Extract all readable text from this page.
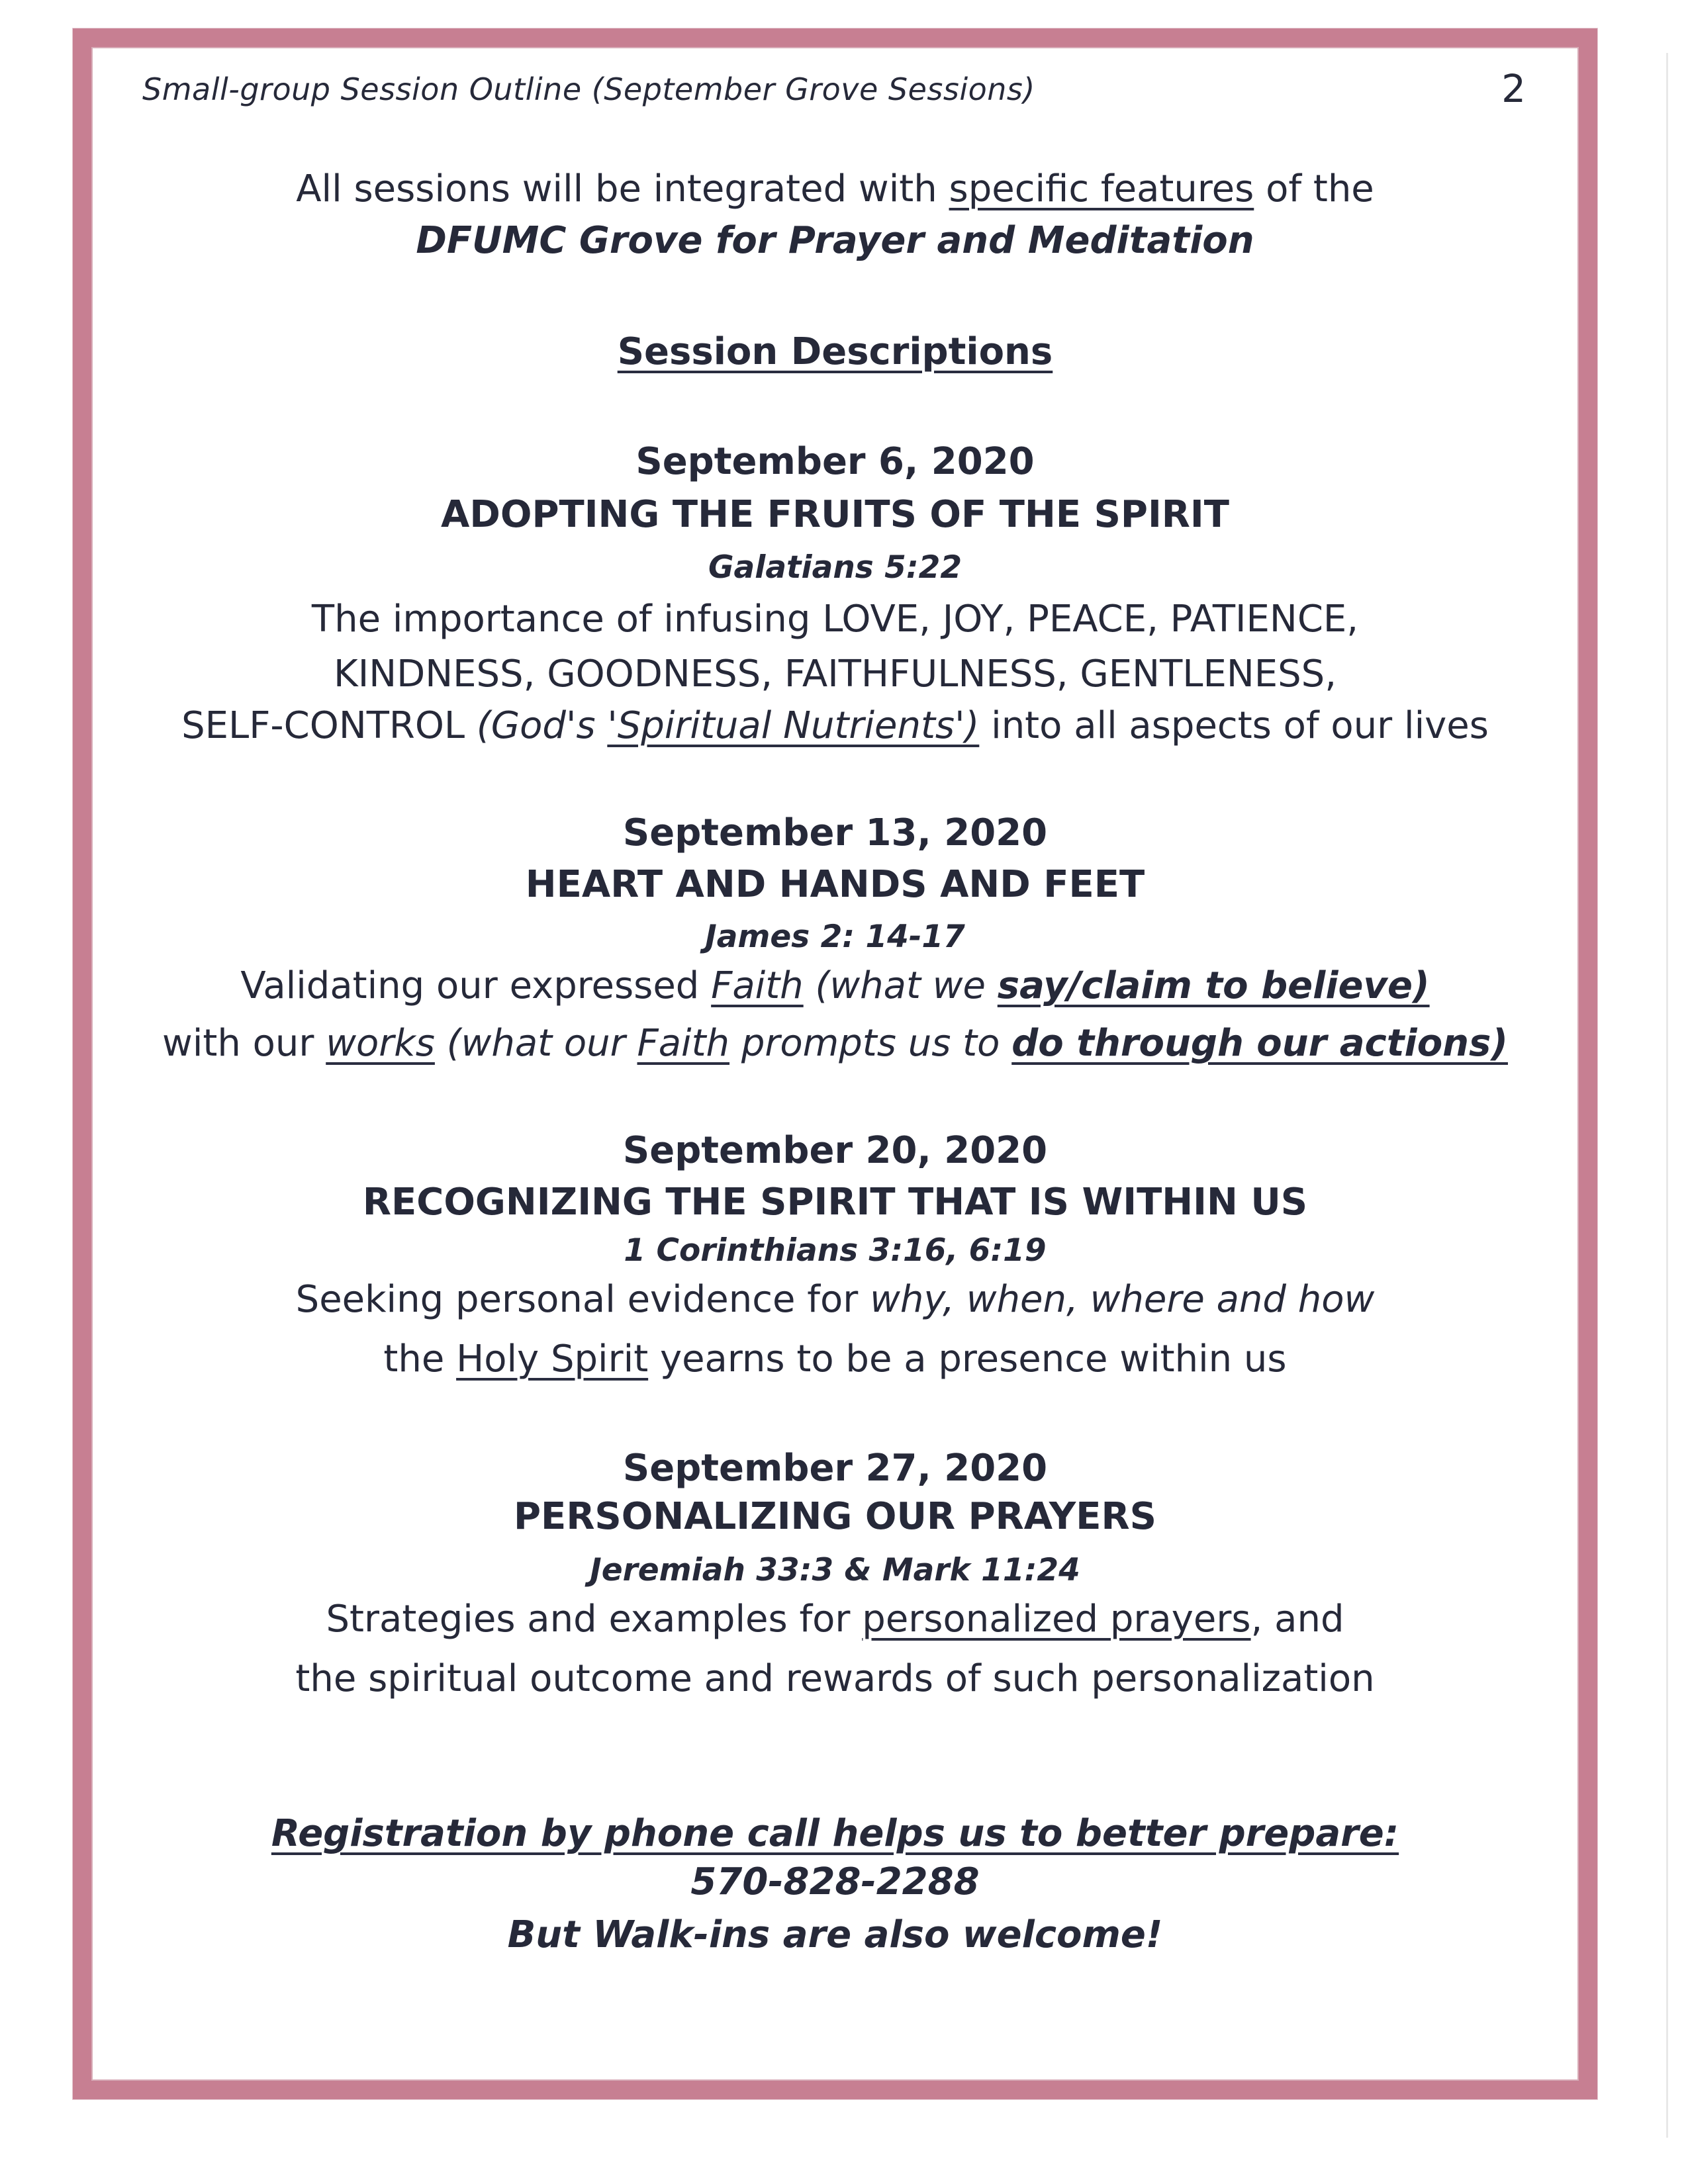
Small-group Session Outline (September Grove Sessions)	2
All sessions will be integrated with specific features of the
DFUMC Grove for Prayer and Meditation
Session Descriptions
September 6, 2020
ADOPTING THE FRUITS OF THE SPIRIT
Galatians 5:22
The importance of infusing LOVE, JOY, PEACE, PATIENCE,
KINDNESS, GOODNESS, FAITHFULNESS, GENTLENESS,
SELF-CONTROL (God's 'Spiritual Nutrients') into all aspects of our lives
September 13, 2020
HEART AND HANDS AND FEET
James 2: 14-17
Validating our expressed Faith (what we say/claim to believe)
with our works (what our Faith prompts us to do through our actions)
September 20, 2020
RECOGNIZING THE SPIRIT THAT IS WITHIN US
1 Corinthians 3:16, 6:19
Seeking personal evidence for why, when, where and how
the Holy Spirit yearns to be a presence within us
September 27, 2020
PERSONALIZING OUR PRAYERS
Jeremiah 33:3 & Mark 11:24
Strategies and examples for personalized prayers, and
the spiritual outcome and rewards of such personalization
Registration by phone call helps us to better prepare:
570-828-2288
But Walk-ins are also welcome!
